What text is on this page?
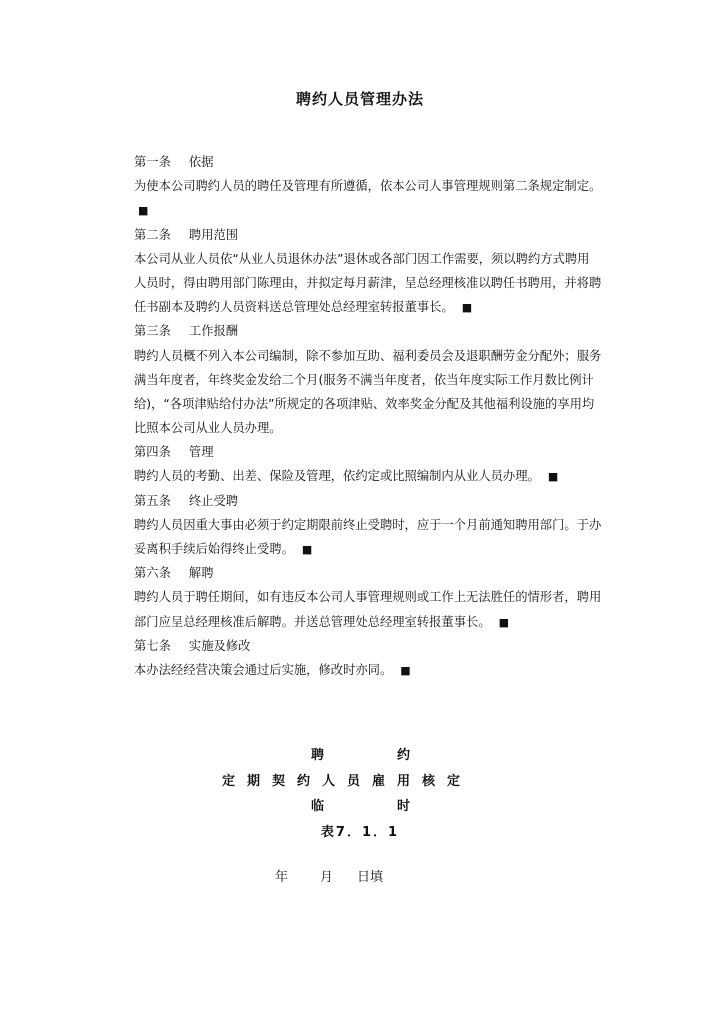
聘约人员管理办法
第一条 依据
为使本公司聘约人员的聘任及管理有所遵循，依本公司人事管理规则第二条规定制定。
■
第二条 聘用范围
本公司从业人员依“从业人员退休办法”退休或各部门因工作需要，须以聘约方式聘用
人员时，得由聘用部门陈理由，并拟定每月薪津，呈总经理核准以聘任书聘用，并将聘
任书副本及聘约人员资料送总管理处总经理室转报董事长。 ■
第三条 工作报酬
聘约人员概不列入本公司编制，除不参加互助、福利委员会及退职酬劳金分配外；服务
满当年度者，年终奖金发给二个月(服务不满当年度者，依当年度实际工作月数比例计
给)，“各项津贴给付办法”所规定的各项津贴、效率奖金分配及其他福利设施的享用均
比照本公司从业人员办理。
第四条 管理
聘约人员的考勤、出差、保险及管理，依约定或比照编制内从业人员办理。 ■
第五条 终止受聘
聘约人员因重大事由必须于约定期限前终止受聘时，应于一个月前通知聘用部门。于办
妥离积手续后始得终止受聘。 ■
第六条 解聘
聘约人员于聘任期间，如有违反本公司人事管理规则或工作上无法胜任的情形者，聘用
部门应呈总经理核准后解聘。并送总管理处总经理室转报董事长。 ■
第七条 实施及修改
本办法经经营决策会通过后实施，修改时亦同。 ■
聘	约
定 期 契 约 人 员 雇 用 核 定
临	时
表7．1．1
年 月 日填
